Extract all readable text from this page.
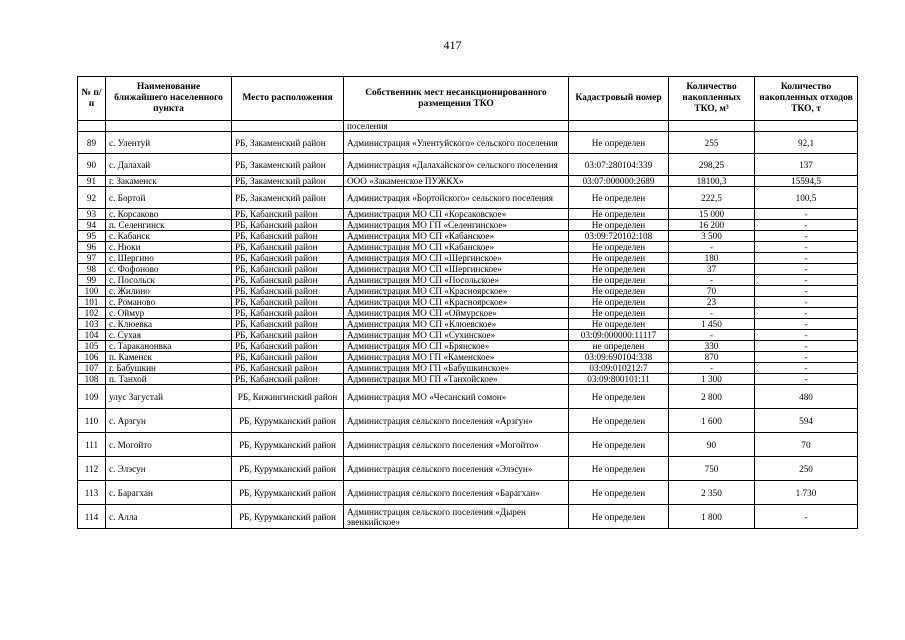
417
№ п/п	Наименование ближайшего населенного пункта	Место расположения	Собственник мест несанкционированного размещения ТКО	Кадастровый номер	Количество накопленных ТКО, м³	Количество накопленных отходов ТКО, т
			поселения			
89	с. Улентуй	РБ, Закаменский район	Администрация «Улентуйского» сельского поселения	Не определен	255	92,1
90	с. Далахай	РБ, Закаменский район	Администрация «Далахайского» сельского поселения	03:07:280104:339	298,25	137
91	г. Закаменск	РБ, Закаменский район	ООО «Закаменское ПУЖКХ»	03:07:000000:2689	18100,3	15594,5
92	с. Бортой	РБ, Закаменский район	Администрация «Бортойского» сельского поселения	Не определен	222,5	100,5
93	с. Корсаково	РБ, Кабанский район	Администрация МО СП «Корсаковское»	Не определен	15 000	-
94	п. Селенгинск	РБ, Кабанский район	Администрация МО ГП «Селенгинское»	Не определен	16 200	-
95	с. Кабанск	РБ, Кабанский район	Администрация МО СП «Кабанское»	03:09:720102:108	3 500	-
96	с. Нюки	РБ, Кабанский район	Администрация МО СП «Кабанское»	Не определен	-	-
97	с. Шергино	РБ, Кабанский район	Администрация МО СП «Шергинское»	Не определен	180	-
98	с. Фофоново	РБ, Кабанский район	Администрация МО СП «Шергинское»	Не определен	37	-
99	с. Посольск	РБ, Кабанский район	Администрация МО СП «Посольское»	Не определен	-	-
100	с. Жилино	РБ, Кабанский район	Администрация МО СП «Красноярское»	Не определен	70	-
101	с. Романово	РБ, Кабанский район	Администрация МО СП «Красноярское»	Не определен	23	-
102	с. Оймур	РБ, Кабанский район	Администрация МО СП «Оймурское»	Не определен	-	-
103	с. Клюевка	РБ, Кабанский район	Администрация МО СП «Клюевское»	Не определен	1 450	-
104	с. Сухая	РБ, Кабанский район	Администрация МО СП «Сухинское»	03:09:000000:11117	-	-
105	с. Тараканонвка	РБ, Кабанский район	Администрация МО СП «Брянское»	не определен	330	-
106	п. Каменск	РБ, Кабанский район	Администрация МО ГП «Каменское»	03:09:690104:338	870	-
107	г. Бабушкин	РБ, Кабанский район	Администрация МО ГП «Бабушкинское»	03:09:010212:7	-	-
108	п. Танхой	РБ, Кабанский район	Администрация МО ГП «Танхойское»	03:09:800101:11	1 300	-
109	улус Загустай	РБ, Кижингинский район	Администрация МО «Чесанский сомон»	Не определен	2 800	480
110	с. Арзгун	РБ, Курумканский район	Администрация сельского поселения «Арзгун»	Не определен	1 600	594
111	с. Могойто	РБ, Курумканский район	Администрация сельского поселения «Могойто»	Не определен	90	70
112	с. Элэсун	РБ, Курумканский район	Администрация сельского поселения «Элэсун»	Не определен	750	250
113	с. Барагхан	РБ, Курумканский район	Администрация сельского поселения «Барагхан»	Не определен	2 350	1 730
114	с. Алла	РБ, Курумканский район	Администрация сельского поселения «Дырен эвенкийское»	Не определен	1 800	-
